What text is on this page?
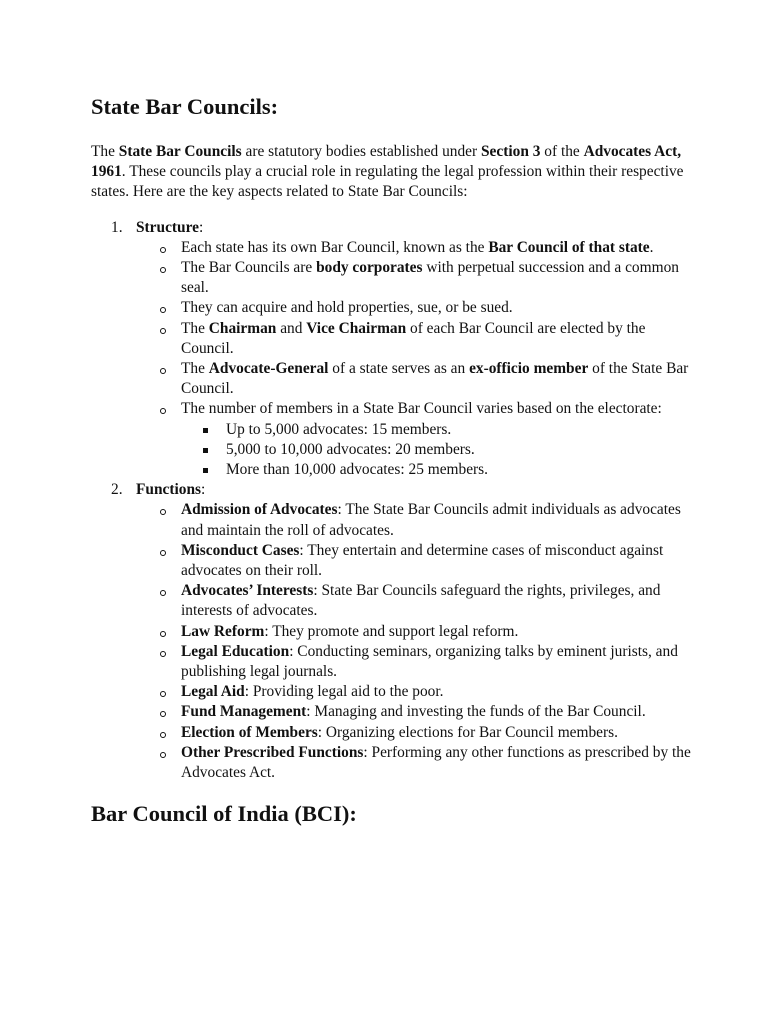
State Bar Councils:

The State Bar Councils are statutory bodies established under Section 3 of the Advocates Act, 1961. These councils play a crucial role in regulating the legal profession within their respective states. Here are the key aspects related to State Bar Councils:

1. Structure:
Each state has its own Bar Council, known as the Bar Council of that state.
The Bar Councils are body corporates with perpetual succession and a common seal.
They can acquire and hold properties, sue, or be sued.
The Chairman and Vice Chairman of each Bar Council are elected by the Council.
The Advocate-General of a state serves as an ex-officio member of the State Bar Council.
The number of members in a State Bar Council varies based on the electorate:
Up to 5,000 advocates: 15 members.
5,000 to 10,000 advocates: 20 members.
More than 10,000 advocates: 25 members.
2. Functions:
Admission of Advocates: The State Bar Councils admit individuals as advocates and maintain the roll of advocates.
Misconduct Cases: They entertain and determine cases of misconduct against advocates on their roll.
Advocates’ Interests: State Bar Councils safeguard the rights, privileges, and interests of advocates.
Law Reform: They promote and support legal reform.
Legal Education: Conducting seminars, organizing talks by eminent jurists, and publishing legal journals.
Legal Aid: Providing legal aid to the poor.
Fund Management: Managing and investing the funds of the Bar Council.
Election of Members: Organizing elections for Bar Council members.
Other Prescribed Functions: Performing any other functions as prescribed by the Advocates Act.
Bar Council of India (BCI):
